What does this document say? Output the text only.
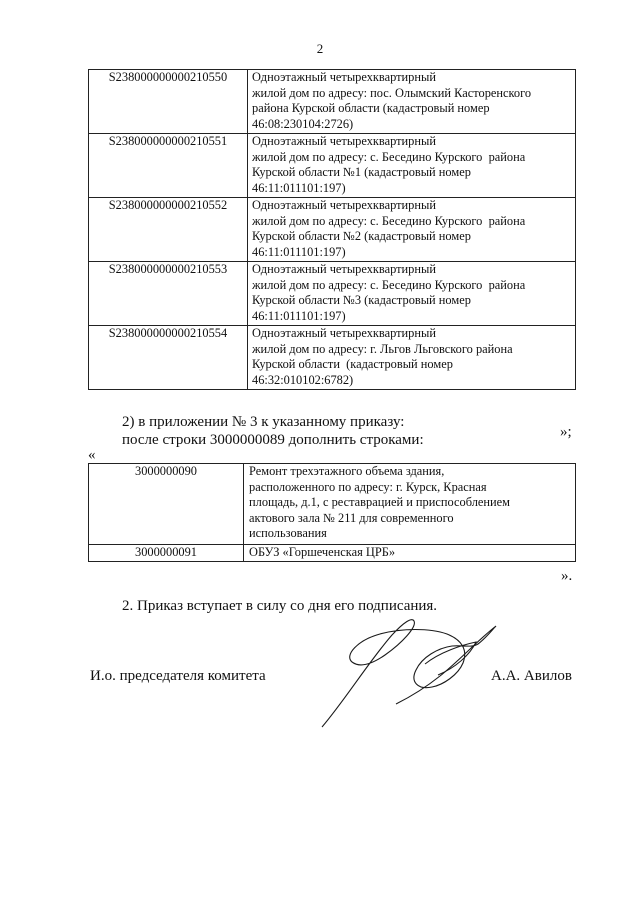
2
S238000000000210550	Одноэтажный четырехквартирный
жилой дом по адресу: пос. Олымский Касторенского
района Курской области (кадастровый номер
46:08:230104:2726)

S238000000000210551	Одноэтажный четырехквартирный
жилой дом по адресу: с. Беседино Курского  района
Курской области №1 (кадастровый номер
46:11:011101:197)

S238000000000210552	Одноэтажный четырехквартирный
жилой дом по адресу: с. Беседино Курского  района
Курской области №2 (кадастровый номер
46:11:011101:197)

S238000000000210553	Одноэтажный четырехквартирный
жилой дом по адресу: с. Беседино Курского  района
Курской области №3 (кадастровый номер
46:11:011101:197)

S238000000000210554	Одноэтажный четырехквартирный
жилой дом по адресу: г. Льгов Льговского района
Курской области  (кадастровый номер
46:32:010102:6782)
»;
2) в приложении № 3 к указанному приказу:
после строки 3000000089 дополнить строками:
«
3000000090	Ремонт трехэтажного объема здания,
расположенного по адресу: г. Курск, Красная
площадь, д.1, с реставрацией и приспособлением
актового зала № 211 для современного
использования

3000000091	ОБУЗ «Горшеченская ЦРБ»
».
2. Приказ вступает в силу со дня его подписания.
И.о. председателя комитета	А.А. Авилов
